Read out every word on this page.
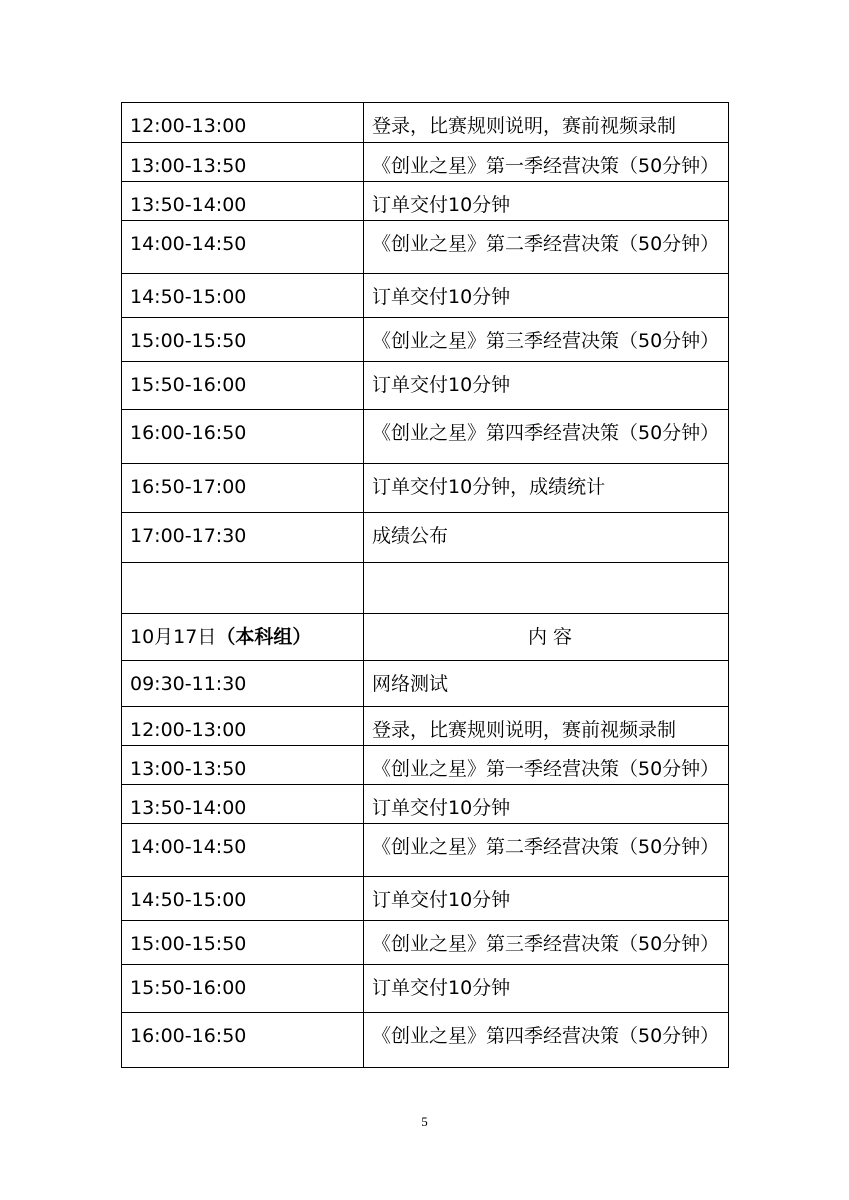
12:00-13:00	登录，比赛规则说明，赛前视频录制

13:00-13:50	《创业之星》第一季经营决策（50分钟）

13:50-14:00	订单交付10分钟

14:00-14:50	《创业之星》第二季经营决策（50分钟）

14:50-15:00	订单交付10分钟

15:00-15:50	《创业之星》第三季经营决策（50分钟）

15:50-16:00	订单交付10分钟

16:00-16:50	《创业之星》第四季经营决策（50分钟）

16:50-17:00	订单交付10分钟，成绩统计

17:00-17:30	成绩公布

10月17日（本科组）	内 容

09:30-11:30	网络测试

12:00-13:00	登录，比赛规则说明，赛前视频录制

13:00-13:50	《创业之星》第一季经营决策（50分钟）

13:50-14:00	订单交付10分钟

14:00-14:50	《创业之星》第二季经营决策（50分钟）

14:50-15:00	订单交付10分钟

15:00-15:50	《创业之星》第三季经营决策（50分钟）

15:50-16:00	订单交付10分钟

16:00-16:50	《创业之星》第四季经营决策（50分钟）
5
